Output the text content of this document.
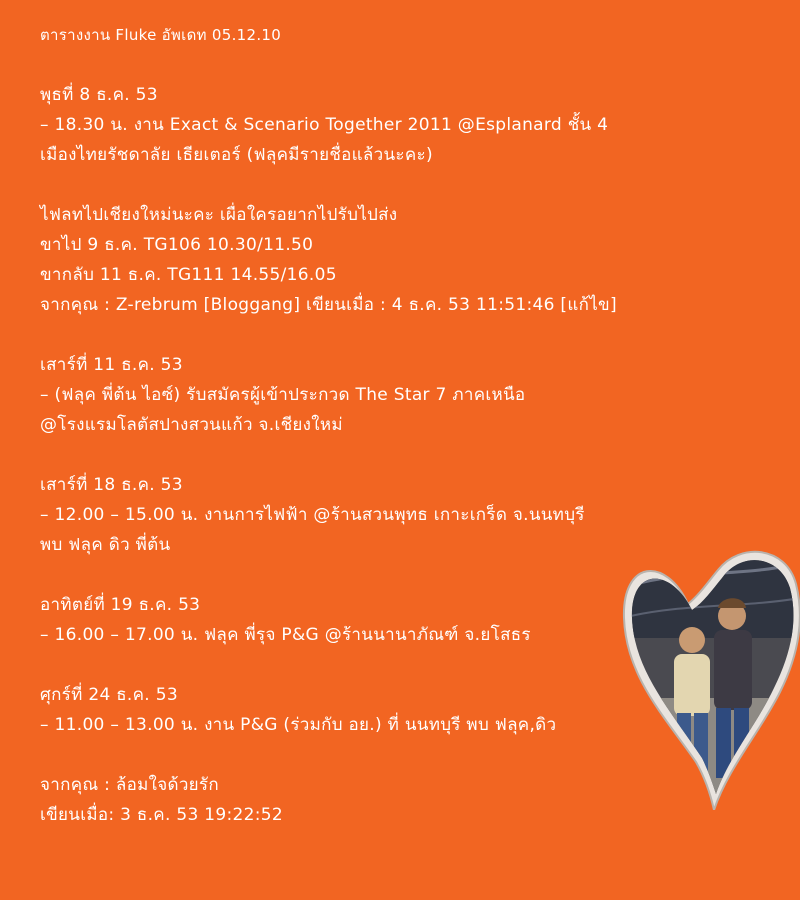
ตารางงาน Fluke อัพเดท 05.12.10
พุธที่ 8 ธ.ค. 53
– 18.30 น. งาน Exact & Scenario Together 2011 @Esplanard ชั้น 4
เมืองไทยรัชดาลัย เธียเตอร์ (ฟลุคมีรายชื่อแล้วนะคะ)
ไฟลทไปเชียงใหม่นะคะ เผื่อใครอยากไปรับไปส่ง
ขาไป 9 ธ.ค. TG106 10.30/11.50
ขากลับ 11 ธ.ค. TG111 14.55/16.05
จากคุณ : Z-rebrum [Bloggang] เขียนเมื่อ : 4 ธ.ค. 53 11:51:46 [แก้ไข]
เสาร์ที่ 11 ธ.ค. 53
– (ฟลุค พี่ต้น ไอซ์) รับสมัครผู้เข้าประกวด The Star 7 ภาคเหนือ
@โรงแรมโลตัสปางสวนแก้ว จ.เชียงใหม่
เสาร์ที่ 18 ธ.ค. 53
– 12.00 – 15.00 น. งานการไฟฟ้า @ร้านสวนพุทธ เกาะเกร็ด จ.นนทบุรี
พบ ฟลุค ดิว พี่ต้น
อาทิตย์ที่ 19 ธ.ค. 53
– 16.00 – 17.00 น. ฟลุค พี่รุจ P&G @ร้านนานาภัณฑ์ จ.ยโสธร
ศุกร์ที่ 24 ธ.ค. 53
– 11.00 – 13.00 น. งาน P&G (ร่วมกับ อย.) ที่ นนทบุรี พบ ฟลุค,ดิว
จากคุณ : ล้อมใจด้วยรัก
เขียนเมื่อ: 3 ธ.ค. 53 19:22:52
